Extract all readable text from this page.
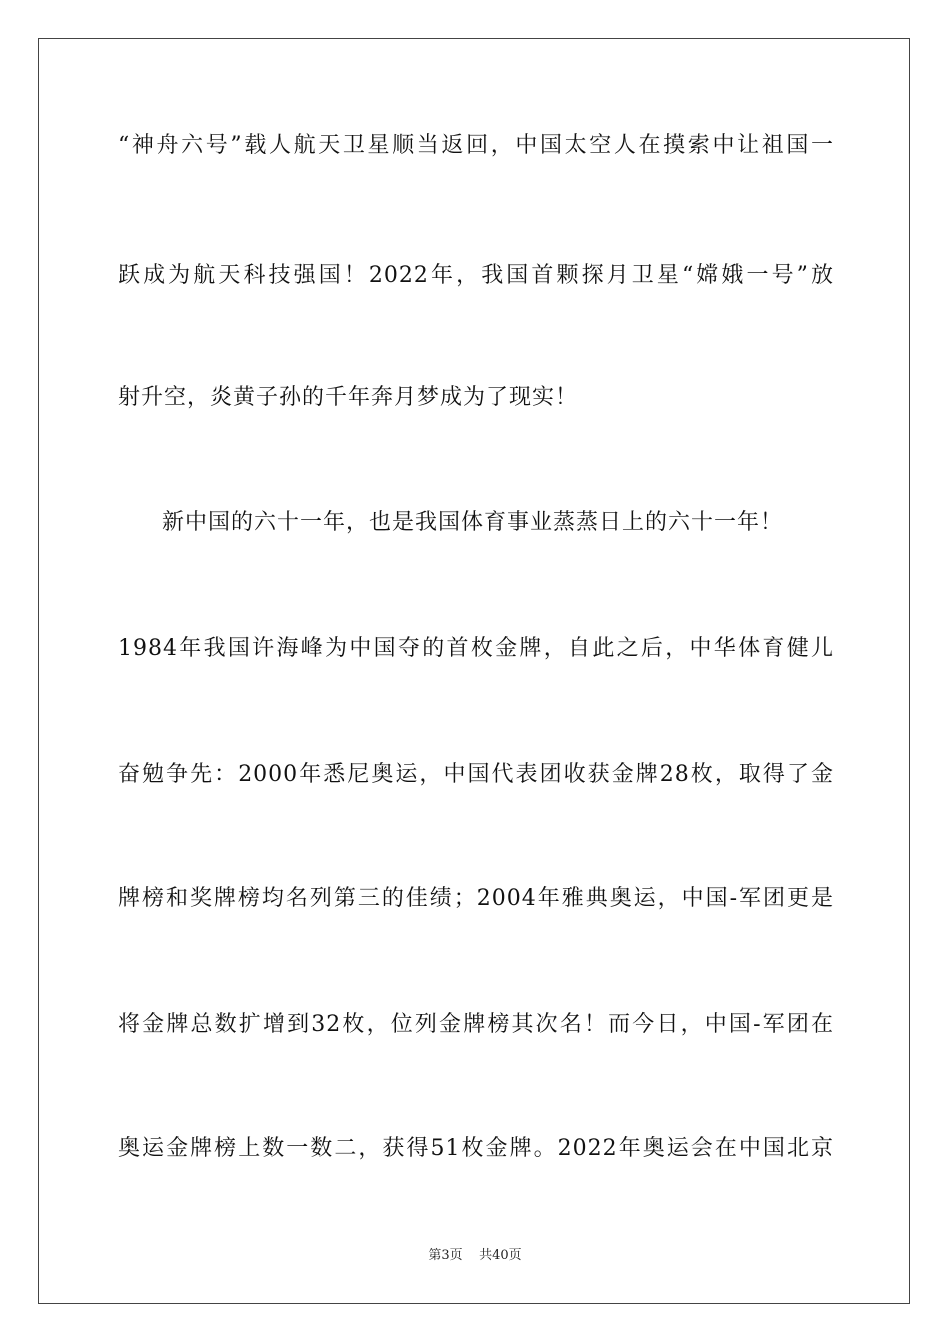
“神舟六号”载人航天卫星顺当返回，中国太空人在摸索中让祖国一
跃成为航天科技强国！2022年，我国首颗探月卫星“嫦娥一号”放
射升空，炎黄子孙的千年奔月梦成为了现实！
新中国的六十一年，也是我国体育事业蒸蒸日上的六十一年！
1984年我国许海峰为中国夺的首枚金牌，自此之后，中华体育健儿
奋勉争先：2000年悉尼奥运，中国代表团收获金牌28枚，取得了金
牌榜和奖牌榜均名列第三的佳绩；2004年雅典奥运，中国-军团更是
将金牌总数扩增到32枚，位列金牌榜其次名！而今日，中国-军团在
奥运金牌榜上数一数二，获得51枚金牌。2022年奥运会在中国北京
第3页 共40页
